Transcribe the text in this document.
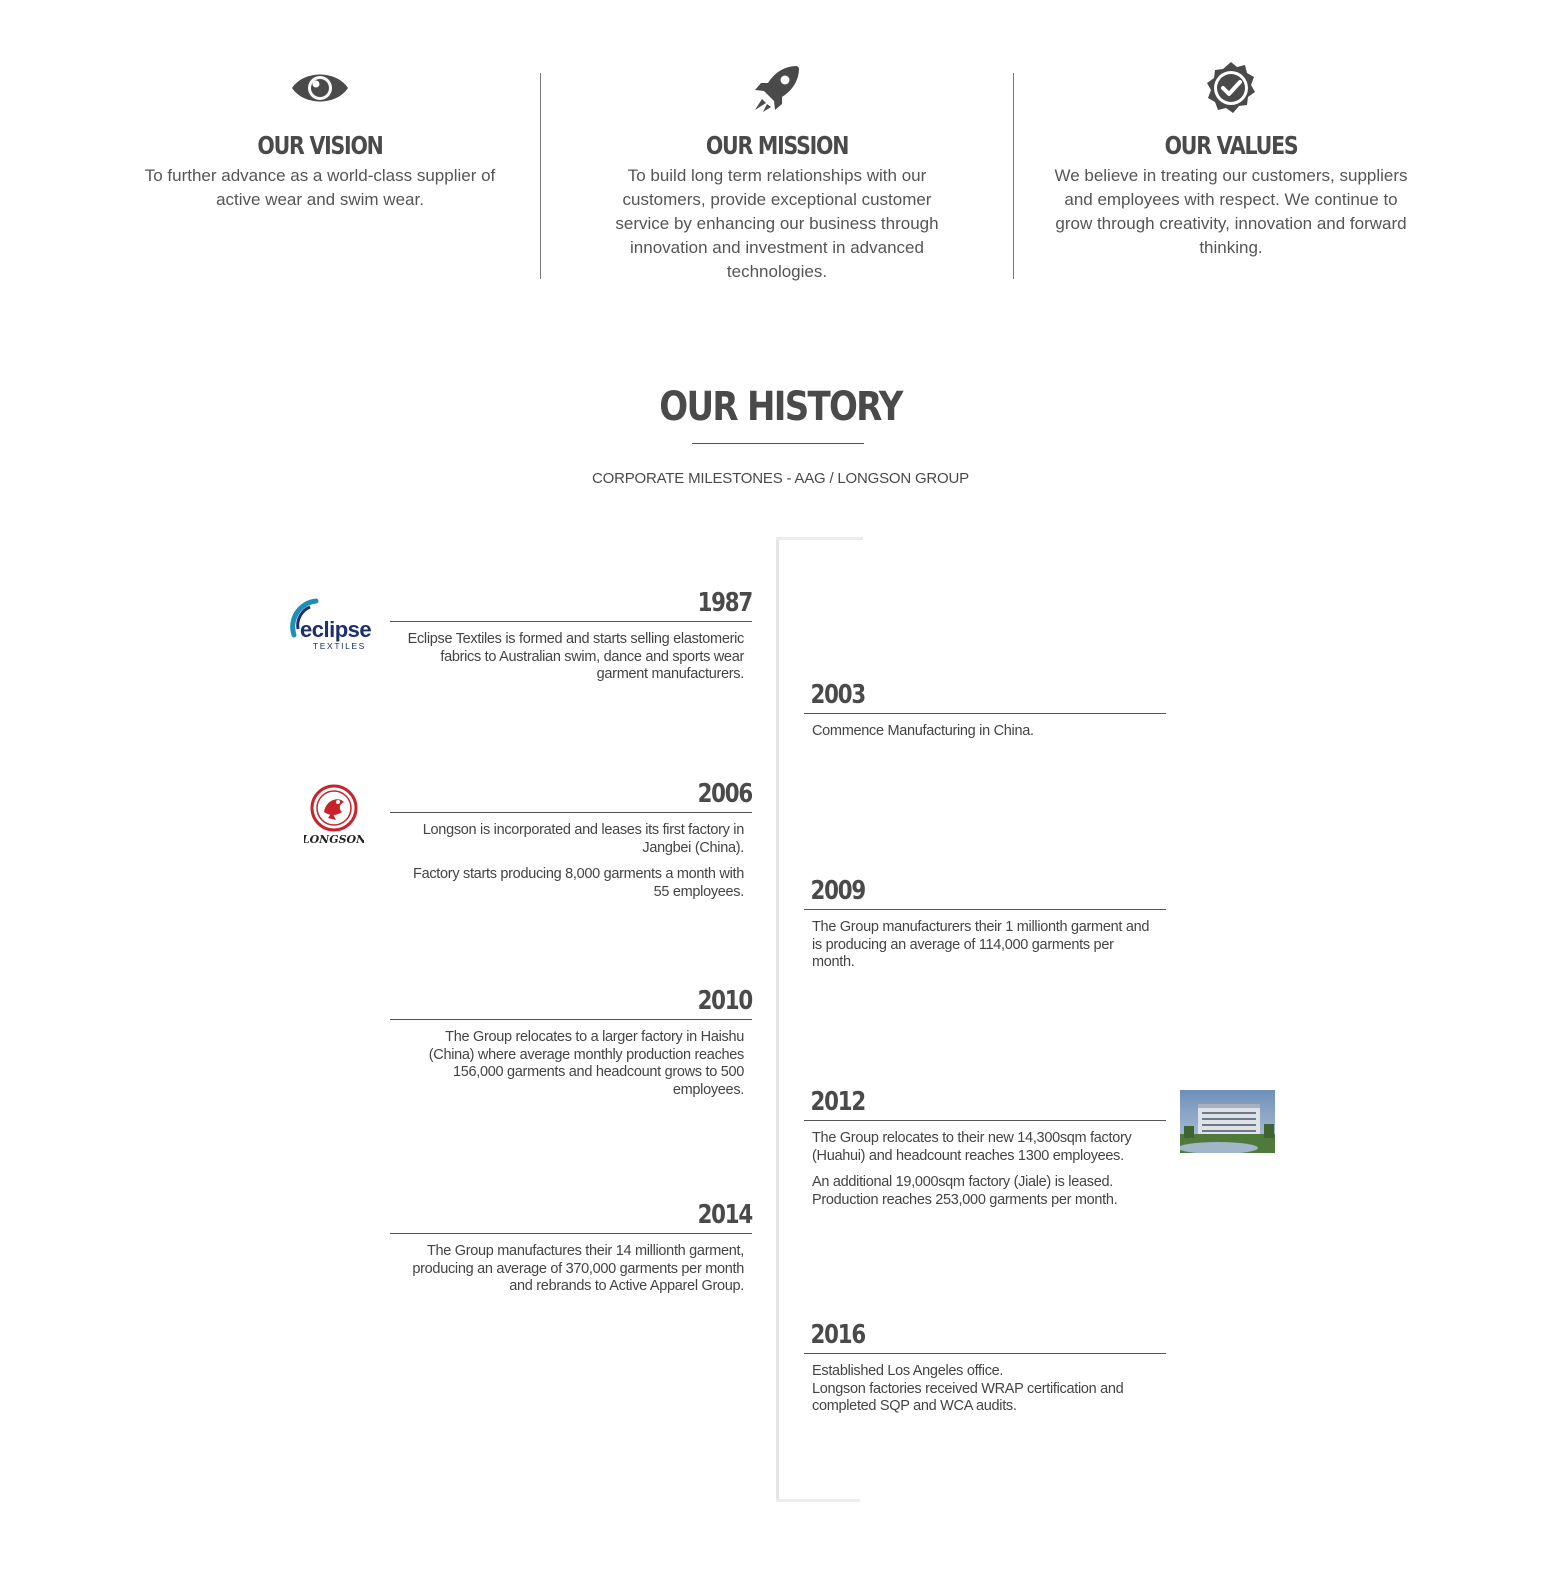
OUR VISION

To further advance as a world-class supplier of active wear and swim wear.

OUR MISSION

To build long term relationships with our customers, provide exceptional customer service by enhancing our business through innovation and investment in advanced technologies.

OUR VALUES

We believe in treating our customers, suppliers and employees with respect. We continue to grow through creativity, innovation and forward thinking.

OUR HISTORY
CORPORATE MILESTONES - AAG / LONGSON GROUP
eclipse
TEXTILES
LONGSON
1987

Eclipse Textiles is formed and starts selling elastomeric fabrics to Australian swim, dance and sports wear garment manufacturers.

2003

Commence Manufacturing in China.

2006

Longson is incorporated and leases its first factory in Jangbei (China).

Factory starts producing 8,000 garments a month with 55 employees.	2009

The Group manufacturers their 1 millionth garment and is producing an average of 114,000 garments per month.

2010

The Group relocates to a larger factory in Haishu (China) where average monthly production reaches 156,000 garments and headcount grows to 500 employees.	2012

The Group relocates to their new 14,300sqm factory (Huahui) and headcount reaches 1300 employees.

An additional 19,000sqm factory (Jiale) is leased. Production reaches 253,000 garments per month.

2014

The Group manufactures their 14 millionth garment, producing an average of 370,000 garments per month and rebrands to Active Apparel Group.

2016

Established Los Angeles office.
Longson factories received WRAP certification and completed SQP and WCA audits.
